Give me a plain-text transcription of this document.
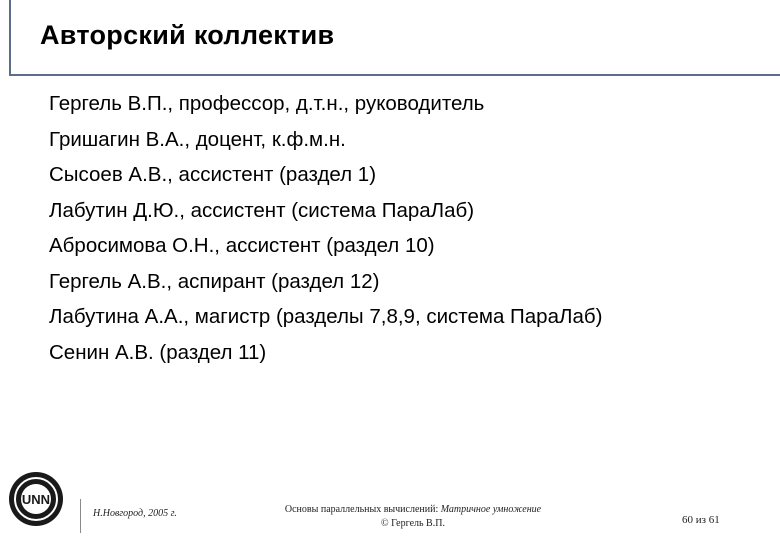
Авторский коллектив
Гергель В.П., профессор, д.т.н., руководитель
Гришагин В.А., доцент, к.ф.м.н.
Сысоев А.В., ассистент (раздел 1)
Лабутин Д.Ю., ассистент (система ПараЛаб)
Абросимова О.Н., ассистент (раздел 10)
Гергель А.В., аспирант (раздел 12)
Лабутина А.А., магистр (разделы 7,8,9, система ПараЛаб)
Сенин А.В. (раздел 11)
UNN
Н.Новгород, 2005 г.	Основы параллельных вычислений: Матричное умножение
© Гергель В.П.	60 из 61
